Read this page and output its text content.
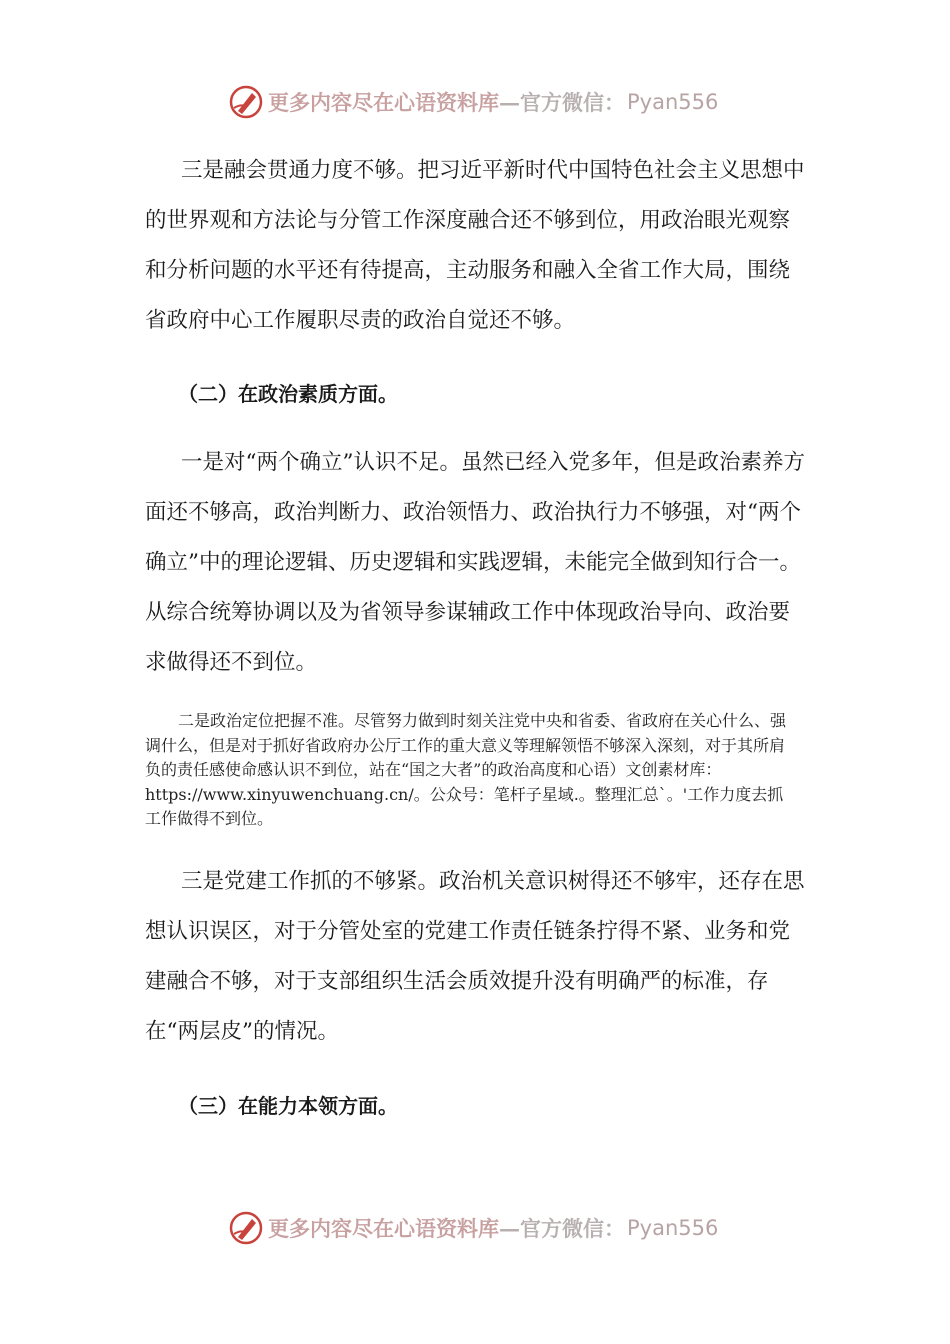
更多内容尽在心语资料库 —官方微信： Pyan556

三是融会贯通力度不够。把习近平新时代中国特色社会主义思想中的世界观和方法论与分管工作深度融合还不够到位，用政治眼光观察和分析问题的水平还有待提高，主动服务和融入全省工作大局，围绕省政府中心工作履职尽责的政治自觉还不够。

（二）在政治素质方面。

一是对“两个确立”认识不足。虽然已经入党多年，但是政治素养方面还不够高，政治判断力、政治领悟力、政治执行力不够强，对“两个确立”中的理论逻辑、历史逻辑和实践逻辑，未能完全做到知行合一。从综合统筹协调以及为省领导参谋辅政工作中体现政治导向、政治要求做得还不到位。

二是政治定位把握不准。尽管努力做到时刻关注党中央和省委、省政府在关心什么、强调什么，但是对于抓好省政府办公厅工作的重大意义等理解领悟不够深入深刻，对于其所肩负的责任感使命感认识不到位，站在“国之大者”的政治高度和心语）文创素材库：https://www.xinyuwenchuang.cn/。公众号：笔杆子星域.。整理汇总`。'工作力度去抓工作做得不到位。

三是党建工作抓的不够紧。政治机关意识树得还不够牢，还存在思想认识误区，对于分管处室的党建工作责任链条拧得不紧、业务和党建融合不够，对于支部组织生活会质效提升没有明确严的标准，存在“两层皮”的情况。

（三）在能力本领方面。

更多内容尽在心语资料库 —官方微信： Pyan556
